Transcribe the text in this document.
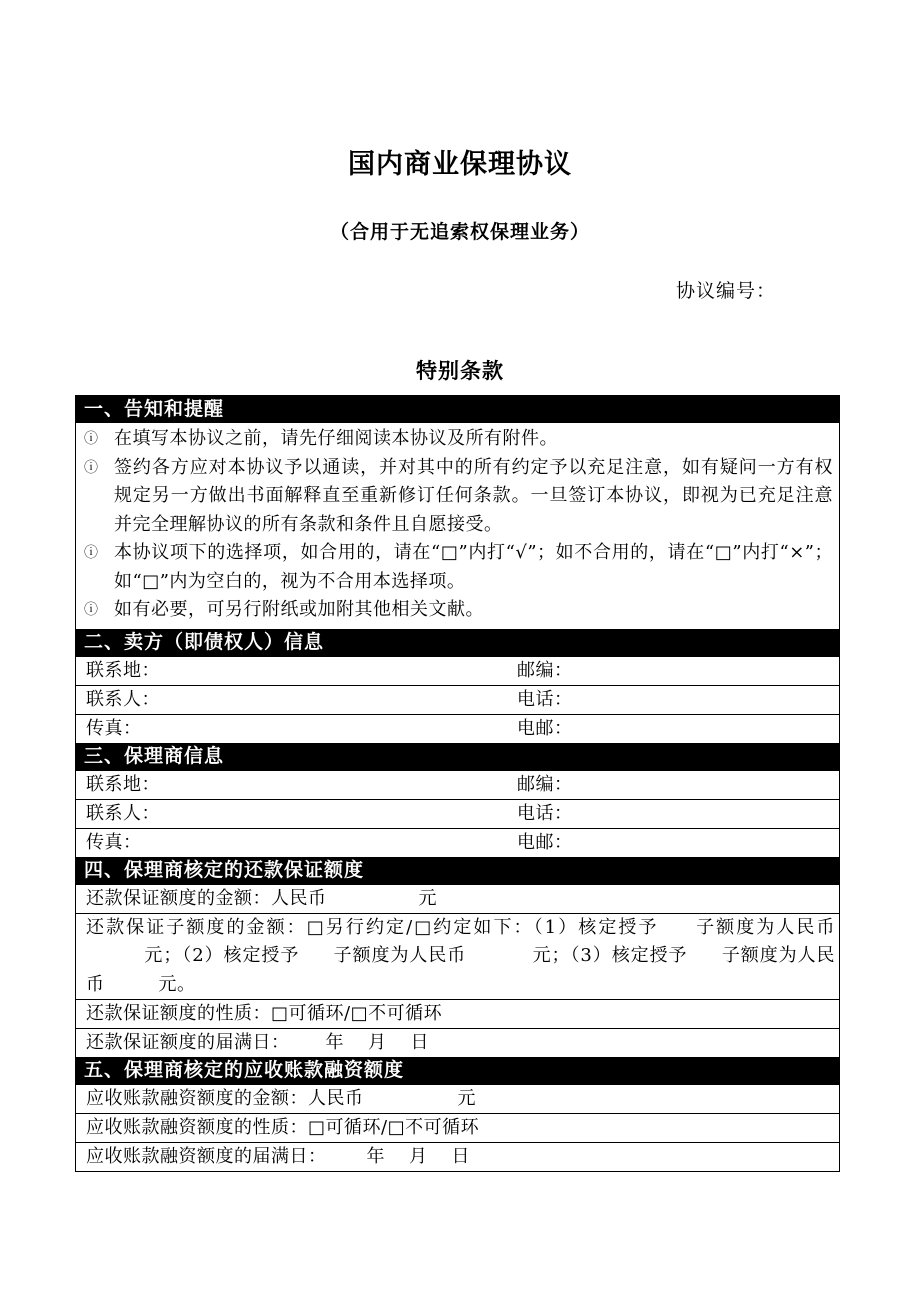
国内商业保理协议
（合用于无追索权保理业务）
协议编号：
特别条款
一、告知和提醒
ⓘ 在填写本协议之前，请先仔细阅读本协议及所有附件。
ⓘ 签约各方应对本协议予以通读，并对其中的所有约定予以充足注意，如有疑问一方有权规定另一方做出书面解释直至重新修订任何条款。一旦签订本协议，即视为已充足注意并完全理解协议的所有条款和条件且自愿接受。
ⓘ 本协议项下的选择项，如合用的，请在“□”内打“√”；如不合用的，请在“□”内打“×”；如“□”内为空白的，视为不合用本选择项。
ⓘ 如有必要，可另行附纸或加附其他相关文献。
二、卖方（即债权人）信息
联系地：	邮编：
联系人：	电话：
传真：	电邮：
三、保理商信息
联系地：	邮编：
联系人：	电话：
传真：	电邮：
四、保理商核定的还款保证额度
还款保证额度的金额：人民币	元
还款保证子额度的金额：□另行约定/□约定如下：（1）核定授予 子额度为人民币元；（2）核定授予 子额度为人民币	元；（3）核定授予 子额度为人民币	元。
还款保证额度的性质：□可循环/□不可循环
还款保证额度的届满日： 年 月 日
五、保理商核定的应收账款融资额度
应收账款融资额度的金额：人民币	元
应收账款融资额度的性质：□可循环/□不可循环
应收账款融资额度的届满日： 年 月 日
